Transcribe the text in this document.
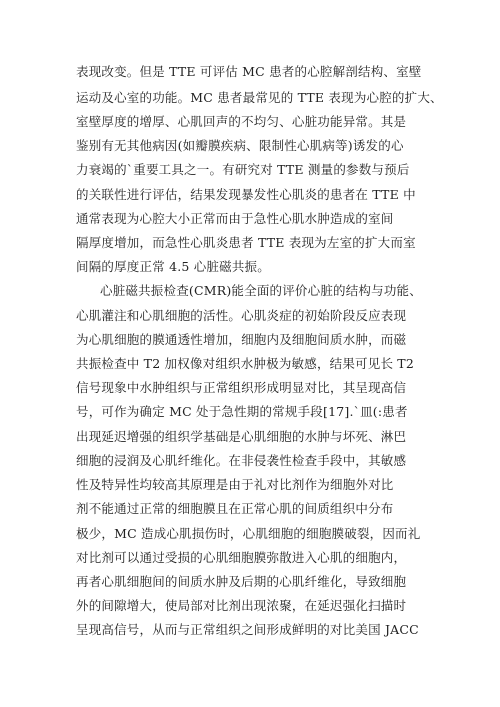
表现改变。但是 TTE 可评估 MC 患者的心腔解剖结构、室壁
运动及心室的功能。MC 患者最常见的 TTE 表现为心腔的扩大、
室壁厚度的增厚、心肌回声的不均匀、心脏功能异常。其是
鉴别有无其他病因(如瓣膜疾病、限制性心肌病等)诱发的心
力衰竭的`重要工具之一。有研究对 TTE 测量的参数与预后
的关联性进行评估，结果发现暴发性心肌炎的患者在 TTE 中
通常表现为心腔大小正常而由于急性心肌水肿造成的室间
隔厚度增加，而急性心肌炎患者 TTE 表现为左室的扩大而室
间隔的厚度正常 4.5 心脏磁共振。
心脏磁共振检查(CMR)能全面的评价心脏的结构与功能、
心肌灌注和心肌细胞的活性。心肌炎症的初始阶段反应表现
为心肌细胞的膜通透性增加，细胞内及细胞间质水肿，而磁
共振检查中 T2 加权像对组织水肿极为敏感，结果可见长 T2
信号现象中水肿组织与正常组织形成明显对比，其呈现高信
号，可作为确定 MC 处于急性期的常规手段[17].`皿(:患者
出现延迟增强的组织学基础是心肌细胞的水肿与坏死、淋巴
细胞的浸润及心肌纤维化。在非侵袭性检查手段中，其敏感
性及特异性均较高其原理是由于礼对比剂作为细胞外对比
剂不能通过正常的细胞膜且在正常心肌的间质组织中分布
极少，MC 造成心肌损伤时，心肌细胞的细胞膜破裂，因而礼
对比剂可以通过受损的心肌细胞膜弥散进入心肌的细胞内，
再者心肌细胞间的间质水肿及后期的心肌纤维化，导致细胞
外的间隙增大，使局部对比剂出现浓聚，在延迟强化扫描时
呈现高信号，从而与正常组织之间形成鲜明的对比美国 JACC
